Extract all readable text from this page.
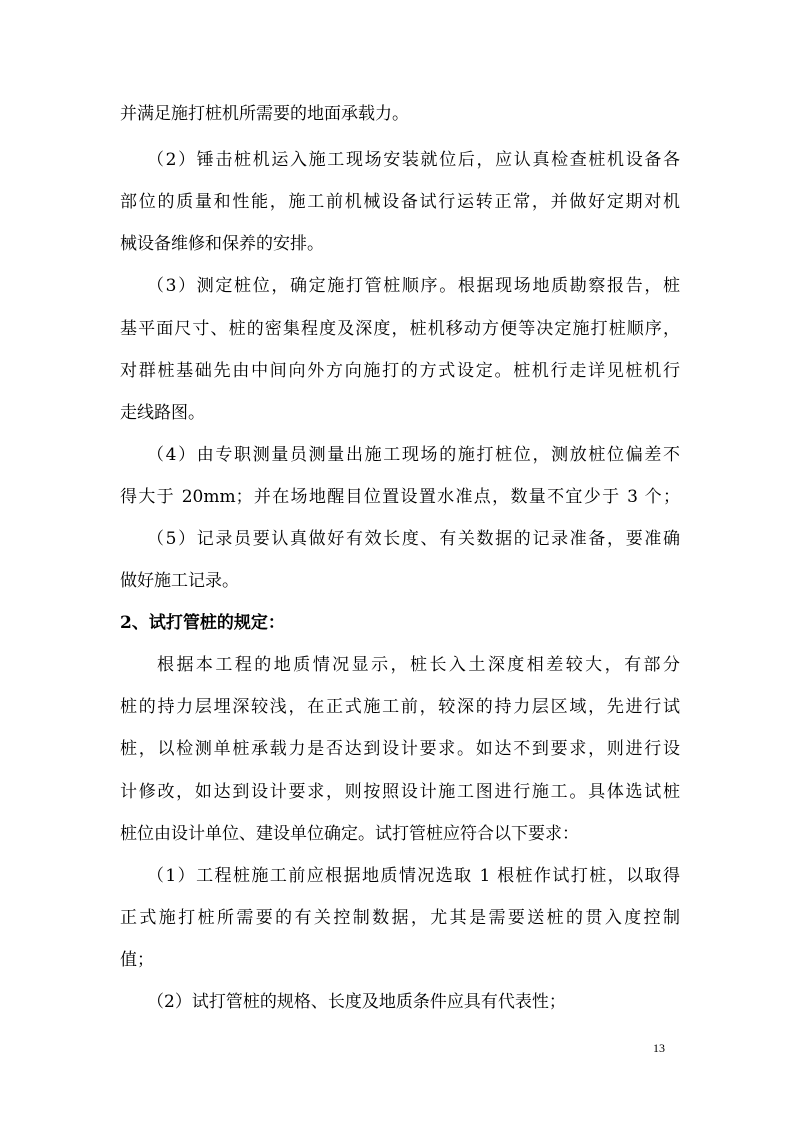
并满足施打桩机所需要的地面承载力。
（2）锤击桩机运入施工现场安装就位后，应认真检查桩机设备各
部位的质量和性能，施工前机械设备试行运转正常，并做好定期对机
械设备维修和保养的安排。
（3）测定桩位，确定施打管桩顺序。根据现场地质勘察报告，桩
基平面尺寸、桩的密集程度及深度，桩机移动方便等决定施打桩顺序，
对群桩基础先由中间向外方向施打的方式设定。桩机行走详见桩机行
走线路图。
（4）由专职测量员测量出施工现场的施打桩位，测放桩位偏差不
得大于 20mm；并在场地醒目位置设置水准点，数量不宜少于 3 个；
（5）记录员要认真做好有效长度、有关数据的记录准备，要准确
做好施工记录。
2、试打管桩的规定：
根据本工程的地质情况显示，桩长入土深度相差较大，有部分
桩的持力层埋深较浅，在正式施工前，较深的持力层区域，先进行试
桩，以检测单桩承载力是否达到设计要求。如达不到要求，则进行设
计修改，如达到设计要求，则按照设计施工图进行施工。具体选试桩
桩位由设计单位、建设单位确定。试打管桩应符合以下要求：
（1）工程桩施工前应根据地质情况选取 1 根桩作试打桩，以取得
正式施打桩所需要的有关控制数据，尤其是需要送桩的贯入度控制
值；
（2）试打管桩的规格、长度及地质条件应具有代表性；
13
